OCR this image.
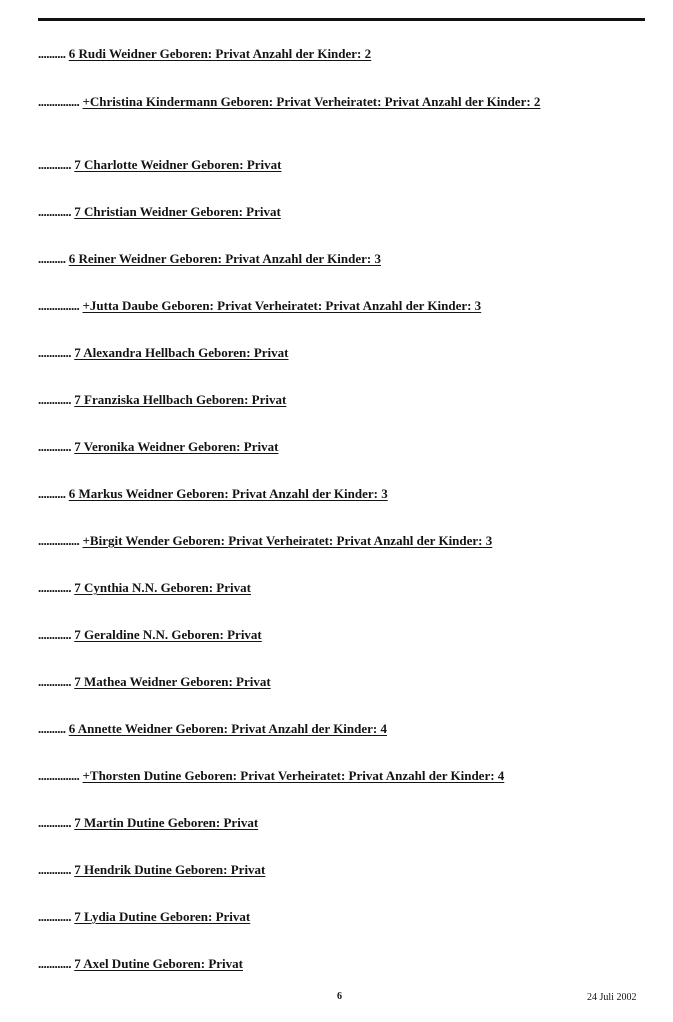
.......... 6 Rudi Weidner Geboren: Privat Anzahl der Kinder: 2
............... +Christina Kindermann Geboren: Privat Verheiratet: Privat Anzahl der Kinder: 2
............ 7 Charlotte Weidner Geboren: Privat
............ 7 Christian Weidner Geboren: Privat
.......... 6 Reiner Weidner Geboren: Privat Anzahl der Kinder: 3
............... +Jutta Daube Geboren: Privat Verheiratet: Privat Anzahl der Kinder: 3
............ 7 Alexandra Hellbach Geboren: Privat
............ 7 Franziska Hellbach Geboren: Privat
............ 7 Veronika Weidner Geboren: Privat
.......... 6 Markus Weidner Geboren: Privat Anzahl der Kinder: 3
............... +Birgit Wender Geboren: Privat Verheiratet: Privat Anzahl der Kinder: 3
............ 7 Cynthia N.N. Geboren: Privat
............ 7 Geraldine N.N. Geboren: Privat
............ 7 Mathea Weidner Geboren: Privat
.......... 6 Annette Weidner Geboren: Privat Anzahl der Kinder: 4
............... +Thorsten Dutine Geboren: Privat Verheiratet: Privat Anzahl der Kinder: 4
............ 7 Martin Dutine Geboren: Privat
............ 7 Hendrik Dutine Geboren: Privat
............ 7 Lydia Dutine Geboren: Privat
............ 7 Axel Dutine Geboren: Privat
6	24 Juli 2002
